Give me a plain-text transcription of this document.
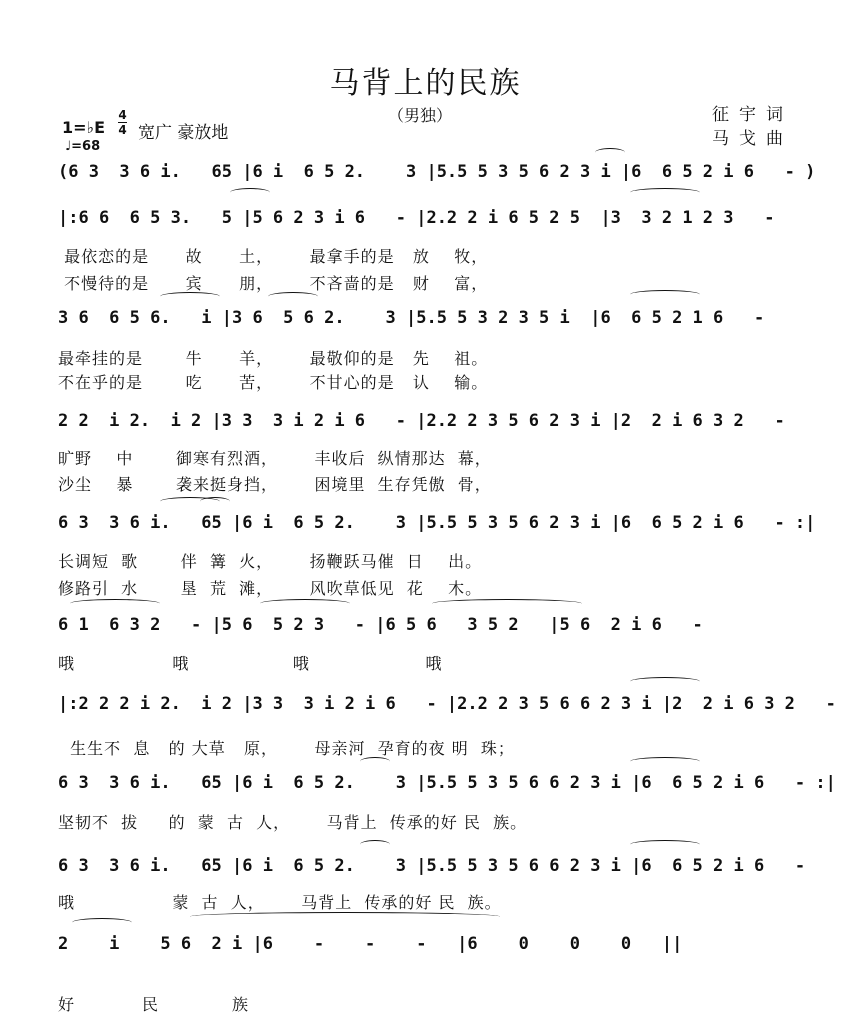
马背上的民族
（男独）	征宇词
马戈曲
1=♭E
4
4 宽广 豪放地
♩=68
(6 3  3 6 i.   65 |6 i  6 5 2.    3 |5.5 5 3 5 6 2 3 i |6  6 5 2 i 6   - )
|:6 6  6 5 3.   5 |5 6 2 3 i 6   - |2.2 2 i 6 5 2 5  |3  3 2 1 2 3   -
最依恋的是      故      土，      最拿手的是   放    牧，
不慢待的是      宾      朋，      不吝啬的是   财    富，
3 6  6 5 6.   i |3 6  5 6 2.    3 |5.5 5 3 2 3 5 i  |6  6 5 2 1 6   -
最牵挂的是       牛      羊，      最敬仰的是   先    祖。
不在乎的是       吃      苦，      不甘心的是   认    输。
2 2  i 2.  i 2 |3 3  3 i 2 i 6   - |2.2 2 3 5 6 2 3 i |2  2 i 6 3 2   -
旷野    中       御寒有烈酒，      丰收后  纵情那达  幕，
沙尘    暴       袭来挺身挡，      困境里  生存凭傲  骨，
6 3  3 6 i.   65 |6 i  6 5 2.    3 |5.5 5 3 5 6 2 3 i |6  6 5 2 i 6   - :|
长调短  歌       伴  篝  火，      扬鞭跃马催  日    出。
修路引  水       垦  荒  滩，      风吹草低见  花    木。
6 1  6 3 2   - |5 6  5 2 3   - |6 5 6   3 5 2   |5 6  2 i 6   -
哦                哦                 哦                   哦
|:2 2 2 i 2.  i 2 |3 3  3 i 2 i 6   - |2.2 2 3 5 6 6 2 3 i |2  2 i 6 3 2   -
生生不  息   的 大草   原，      母亲河  孕育的夜 明  珠；
6 3  3 6 i.   65 |6 i  6 5 2.    3 |5.5 5 3 5 6 6 2 3 i |6  6 5 2 i 6   - :|
坚韧不  拔     的  蒙  古  人，      马背上  传承的好 民  族。
6 3  3 6 i.   65 |6 i  6 5 2.    3 |5.5 5 3 5 6 6 2 3 i |6  6 5 2 i 6   -
哦                蒙  古  人，      马背上  传承的好 民  族。
2    i    5 6  2 i |6    -    -    -   |6    0    0    0   ||
好           民            族
